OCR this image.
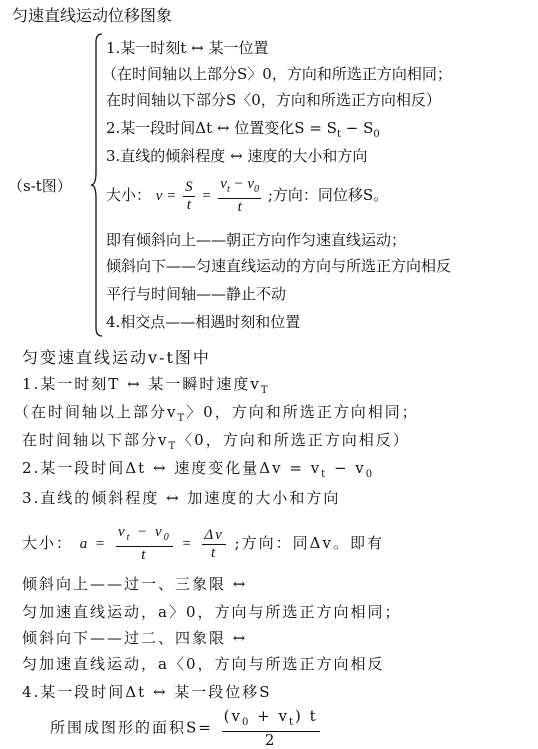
匀速直线运动位移图象
（s-t图）
1.某一时刻t ↔ 某一位置
（在时间轴以上部分S〉0，方向和所选正方向相同；
在时间轴以下部分S〈0，方向和所选正方向相反）
2.某一段时间Δt ↔ 位置变化$S = S_t - S_0$
3.直线的倾斜程度 ↔ 速度的大小和方向
大小： $v = \frac{S}{t} = \frac{v_t - v_0}{t}$ ;方向：同位移S。
即有倾斜向上——朝正方向作匀速直线运动；
倾斜向下——匀速直线运动的方向与所选正方向相反
平行与时间轴——静止不动
4.相交点——相遇时刻和位置
匀变速直线运动v-t图中
1.某一时刻T ↔ 某一瞬时速度$v_T$
（在时间轴以上部分$v_T$〉0，方向和所选正方向相同；
在时间轴以下部分$v_T$〈0，方向和所选正方向相反）
2.某一段时间Δt ↔ 速度变化量$\Delta v = v_t - v_0$
3.直线的倾斜程度 ↔ 加速度的大小和方向
大小： $a = \frac{v_t - v_0}{t} = \frac{\Delta v}{t}$ ;方向：同Δv。即有
倾斜向上——过一、三象限 ↔
匀加速直线运动，a〉0，方向与所选正方向相同；
倾斜向下——过二、四象限 ↔
匀加速直线运动，a〈0，方向与所选正方向相反
4.某一段时间Δt ↔ 某一段位移S
所围成图形的面积$S= \frac{(v_0 + v_t) t}{2}$
